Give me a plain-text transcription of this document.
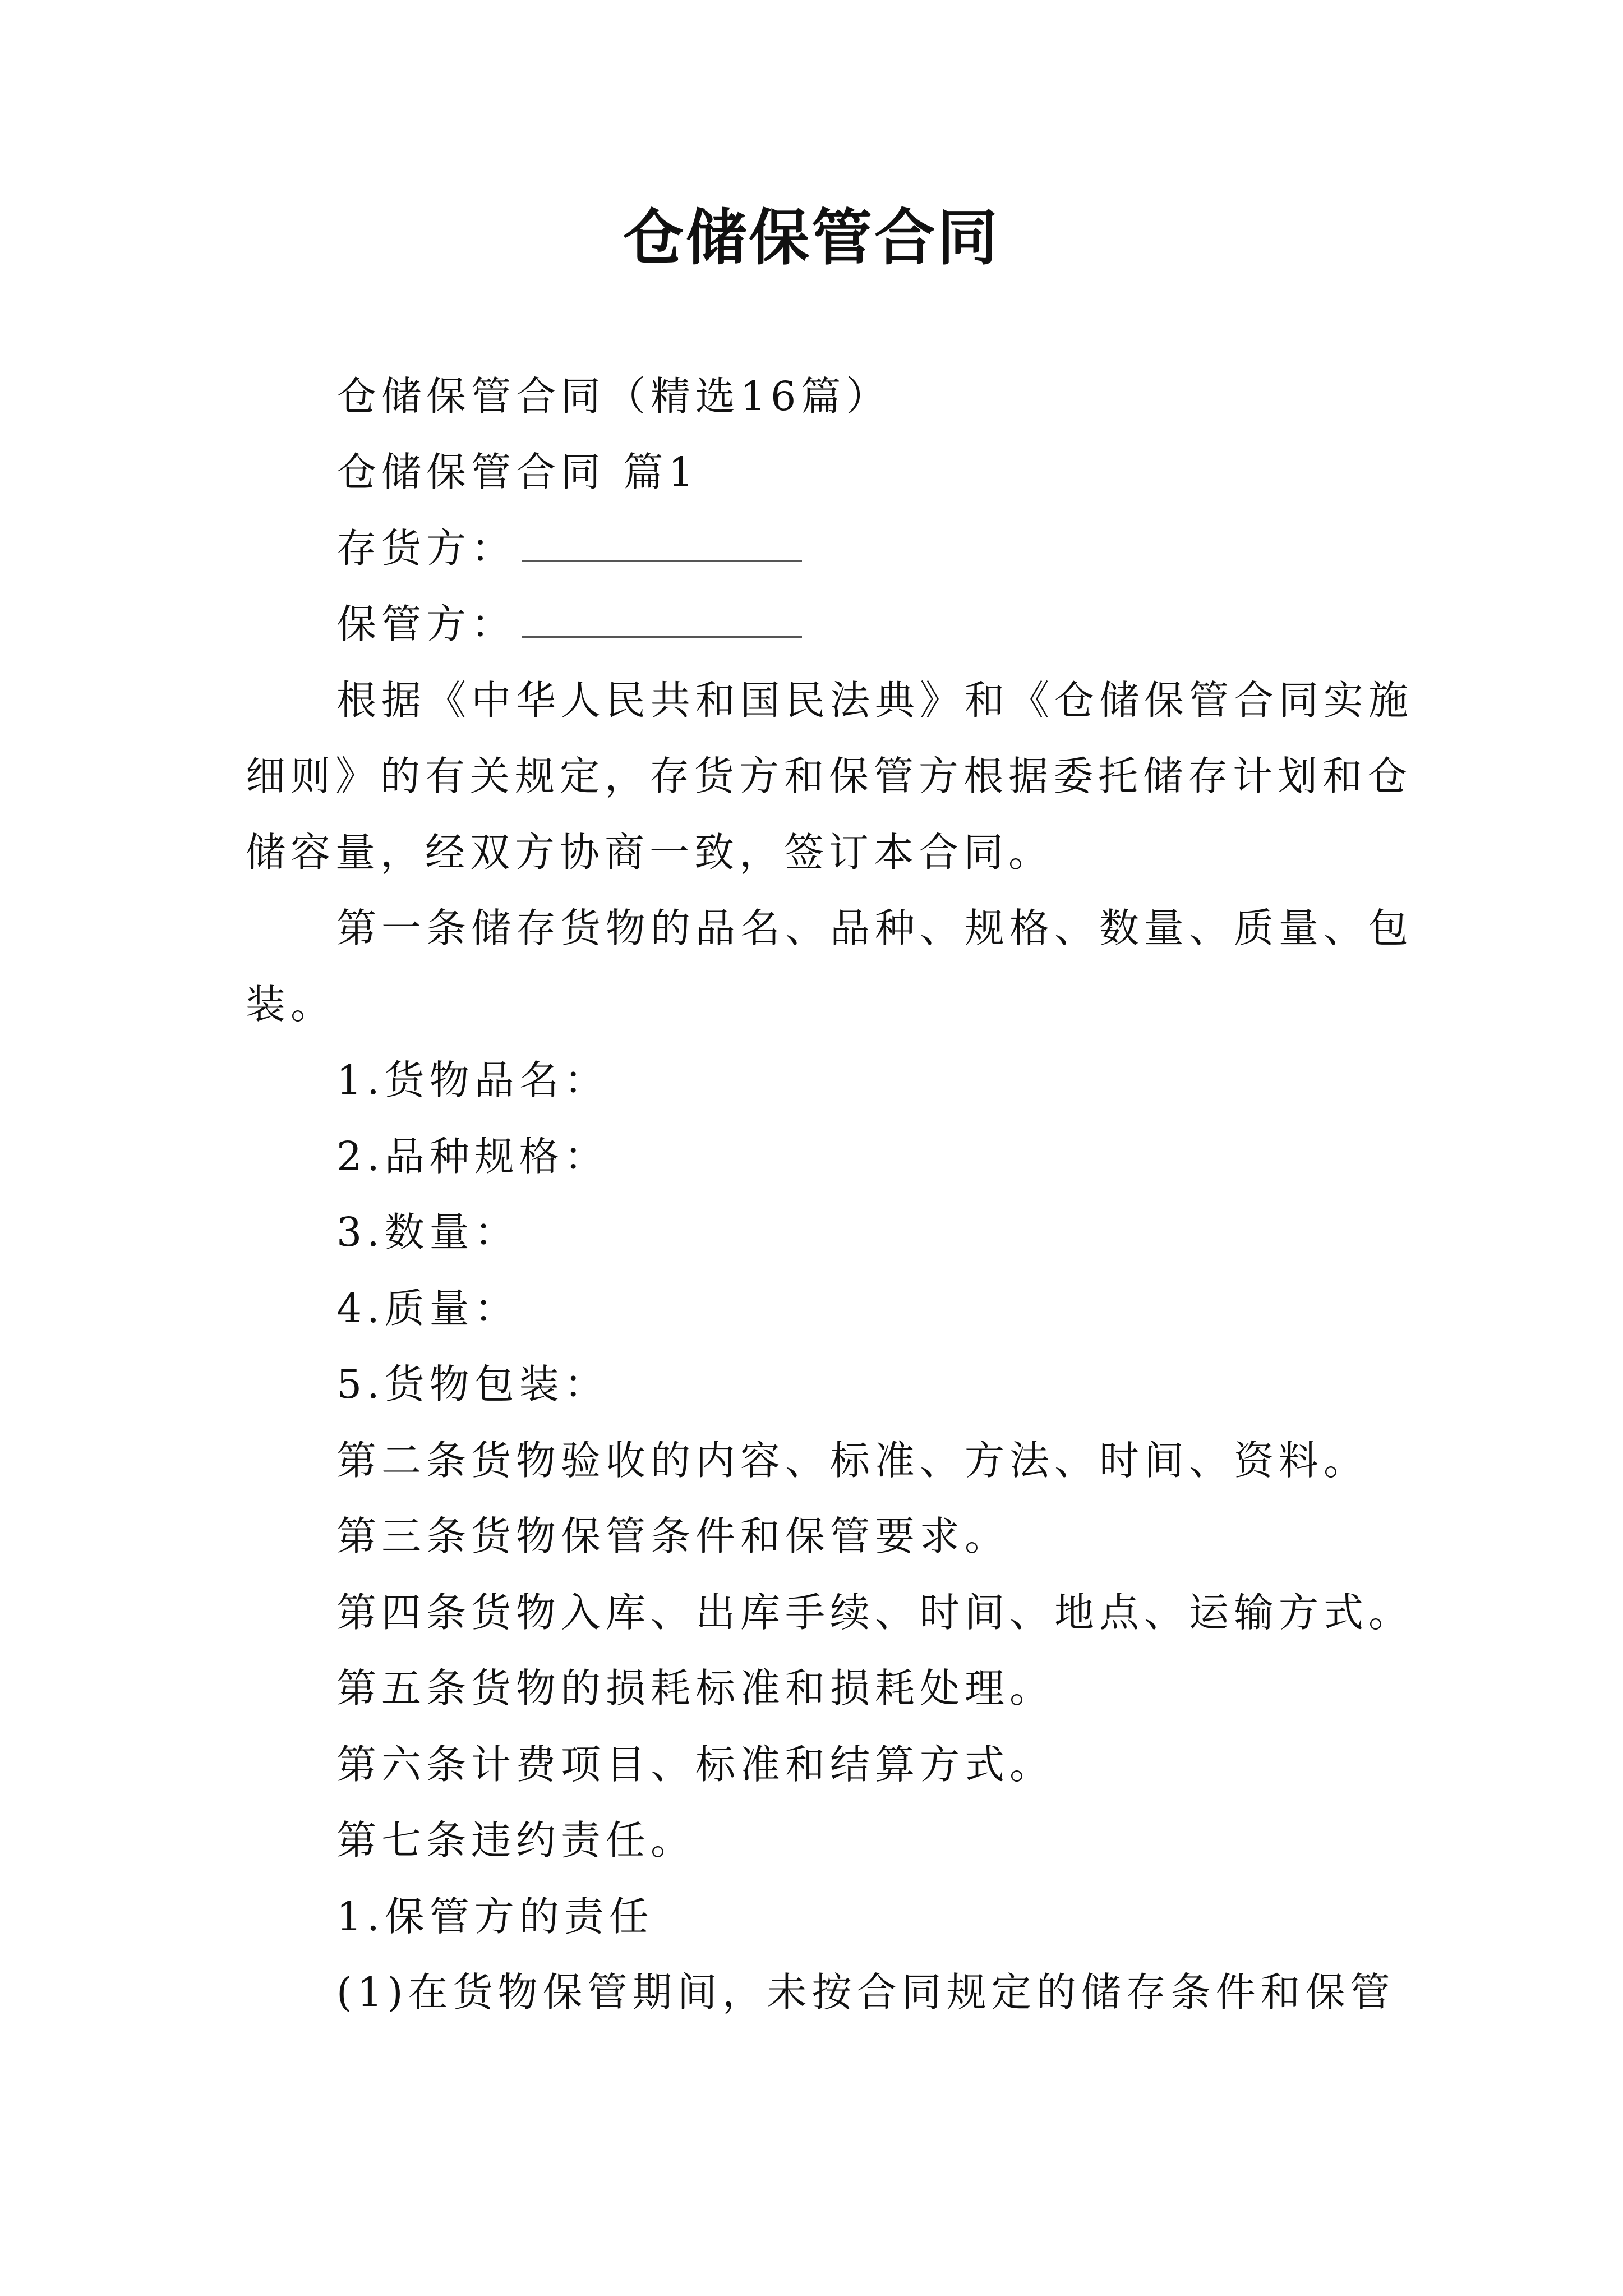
仓储保管合同
仓储保管合同（精选16篇）
仓储保管合同 篇1
存货方：
保管方：
根据《中华人民共和国民法典》和《仓储保管合同实施
细则》的有关规定，存货方和保管方根据委托储存计划和仓
储容量，经双方协商一致，签订本合同。
第一条储存货物的品名、品种、规格、数量、质量、包
装。
1.货物品名：
2.品种规格：
3.数量：
4.质量：
5.货物包装：
第二条货物验收的内容、标准、方法、时间、资料。
第三条货物保管条件和保管要求。
第四条货物入库、出库手续、时间、地点、运输方式。
第五条货物的损耗标准和损耗处理。
第六条计费项目、标准和结算方式。
第七条违约责任。
1.保管方的责任
(1)在货物保管期间，未按合同规定的储存条件和保管
